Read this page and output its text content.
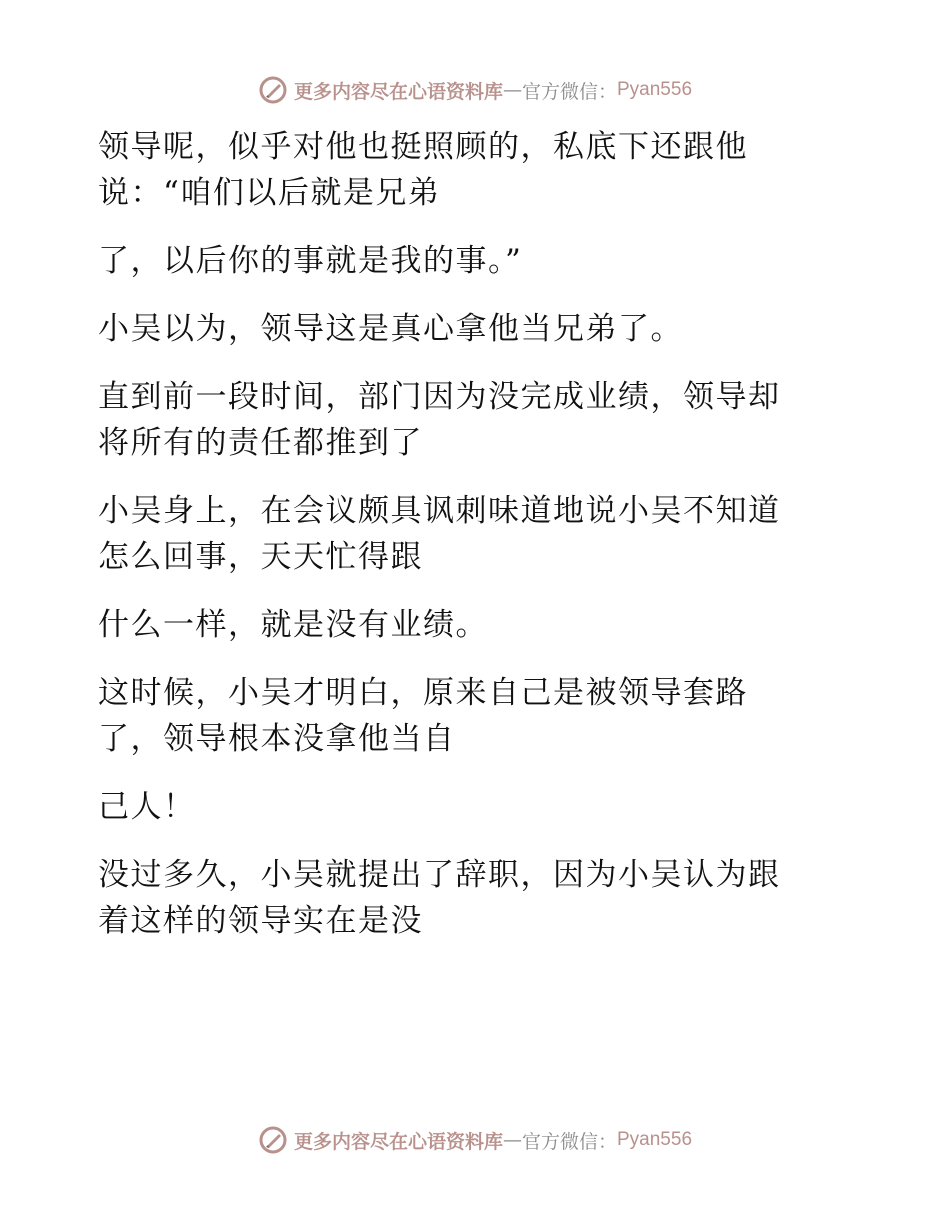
更多内容尽在心语资料库 — 官方微信： Pyan556
领导呢，似乎对他也挺照顾的，私底下还跟他
说：“咱们以后就是兄弟
了，以后你的事就是我的事。”
小吴以为，领导这是真心拿他当兄弟了。
直到前一段时间，部门因为没完成业绩，领导却
将所有的责任都推到了
小吴身上，在会议颇具讽刺味道地说小吴不知道
怎么回事，天天忙得跟
什么一样，就是没有业绩。
这时候，小吴才明白，原来自己是被领导套路
了，领导根本没拿他当自
己人！
没过多久，小吴就提出了辞职，因为小吴认为跟
着这样的领导实在是没
更多内容尽在心语资料库 — 官方微信： Pyan556
